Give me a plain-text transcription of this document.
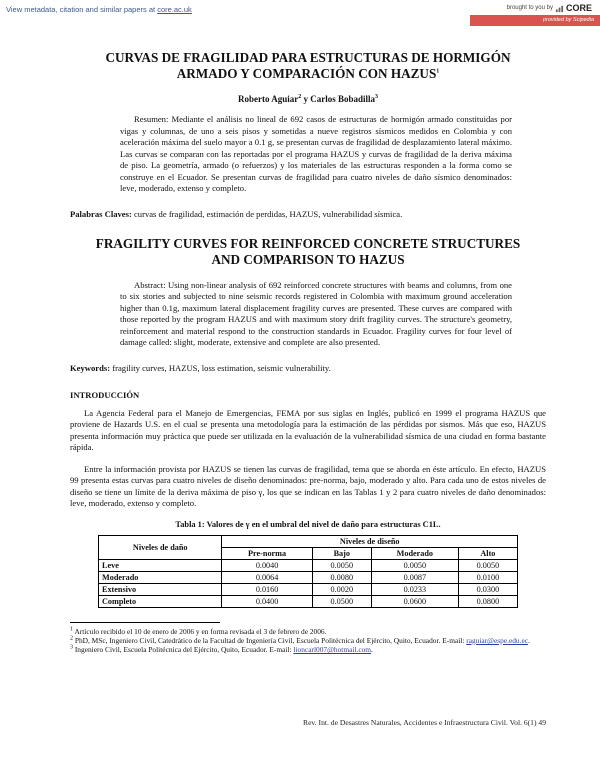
View metadata, citation and similar papers at core.ac.uk	brought to you by CORE
provided by Scipedia
CURVAS DE FRAGILIDAD PARA ESTRUCTURAS DE HORMIGÓN
ARMADO Y COMPARACIÓN CON HAZUS$^1$
Roberto Aguiar$^2$ y Carlos Bobadilla$^3$

Resumen: Mediante el análisis no lineal de 692 casos de estructuras de hormigón armado constituidas por vigas y columnas, de uno a seis pisos y sometidas a nueve registros sísmicos medidos en Colombia y con aceleración máxima del suelo mayor a 0.1 g, se presentan curvas de fragilidad de desplazamiento lateral máximo. Las curvas se comparan con las reportadas por el programa HAZUS y curvas de fragilidad de la deriva máxima de piso. La geometría, armado (o refuerzos) y los materiales de las estructuras responden a la forma como se construye en el Ecuador. Se presentan curvas de fragilidad para cuatro niveles de daño sísmico denominados: leve, moderado, extenso y completo.

Palabras Claves: curvas de fragilidad, estimación de perdidas, HAZUS, vulnerabilidad sísmica.

FRAGILITY CURVES FOR REINFORCED CONCRETE STRUCTURES
AND COMPARISON TO HAZUS

Abstract: Using non-linear analysis of 692 reinforced concrete structures with beams and columns, from one to six stories and subjected to nine seismic records registered in Colombia with maximum ground acceleration higher than 0.1g, maximum lateral displacement fragility curves are presented. These curves are compared with those reported by the program HAZUS and with maximum story drift fragility curves. The structure's geometry, reinforcement and material respond to the construction standards in Ecuador. Fragility curves for four level of damage called: slight, moderate, extensive and complete are also presented.

Keywords: fragility curves, HAZUS, loss estimation, seismic vulnerability.

INTRODUCCIÓN

La Agencia Federal para el Manejo de Emergencias, FEMA por sus siglas en Inglés, publicó en 1999 el programa HAZUS que proviene de Hazards U.S. en el cual se presenta una metodología para la estimación de las pérdidas por sismos. Más que eso, HAZUS presenta información muy práctica que puede ser utilizada en la evaluación de la vulnerabilidad sísmica de una ciudad en forma bastante rápida.

Entre la información provista por HAZUS se tienen las curvas de fragilidad, tema que se aborda en éste artículo. En efecto, HAZUS 99 presenta estas curvas para cuatro niveles de diseño denominados: pre-norma, bajo, moderado y alto. Para cada uno de estos niveles de diseño se tiene un límite de la deriva máxima de piso γ, los que se indican en las Tablas 1 y 2 para cuatro niveles de daño denominados: leve, moderado, extenso y completo.

Tabla 1: Valores de γ en el umbral del nivel de daño para estructuras C1L.
Niveles de daño	Niveles de diseño			
	Pre-norma	Bajo	Moderado	Alto
Leve	0.0040	0.0050	0.0050	0.0050
Moderado	0.0064	0.0080	0.0087	0.0100
Extensivo	0.0160	0.0020	0.0233	0.0300
Completo	0.0400	0.0500	0.0600	0.0800

$^1$ Artículo recibido el 10 de enero de 2006 y en forma revisada el 3 de febrero de 2006.

$^2$ PhD, MSc, Ingeniero Civil, Catedrático de la Facultad de Ingeniería Civil, Escuela Politécnica del Ejército, Quito, Ecuador. E-mail: raguiar@espe.edu.ec.

$^3$ Ingeniero Civil, Escuela Politécnica del Ejército, Quito, Ecuador. E-mail: lioncarl007@hotmail.com.

Rev. Int. de Desastres Naturales, Accidentes e Infraestructura Civil. Vol. 6(1) 49
